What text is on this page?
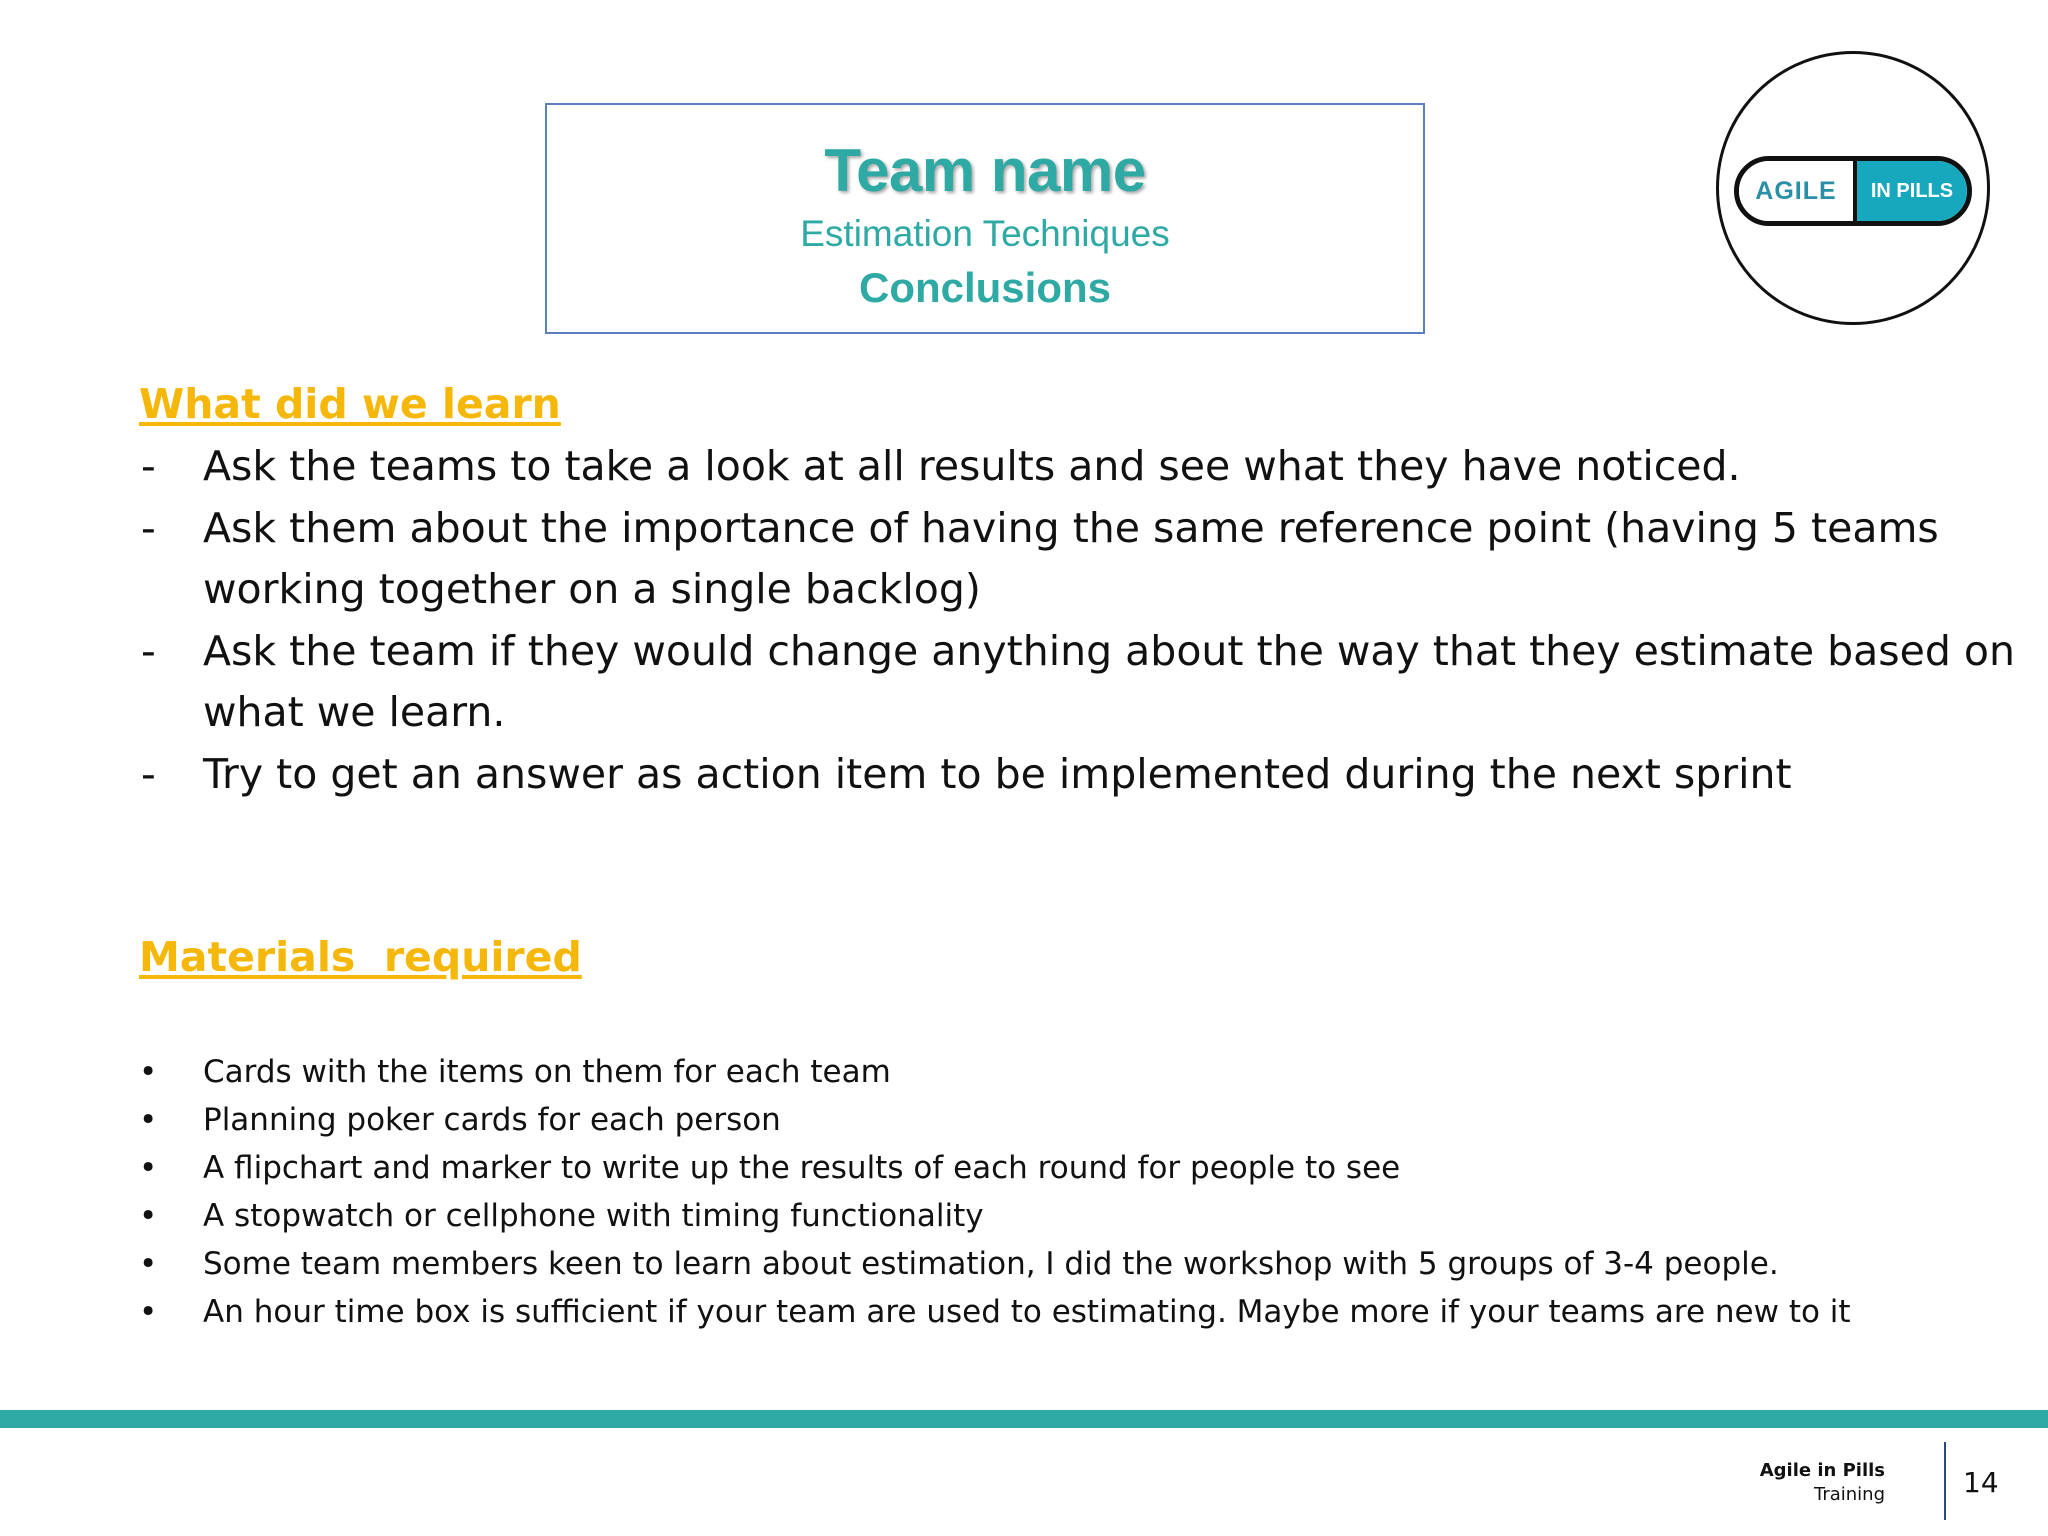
Team name
Estimation Techniques
Conclusions
AGILE	IN PILLS
What did we learn
- Ask the teams to take a look at all results and see what they have noticed.
- Ask them about the importance of having the same reference point (having 5 teams working together on a single backlog)
- Ask the team if they would change anything about the way that they estimate based on what we learn.
- Try to get an answer as action item to be implemented during the next sprint
Materials  required
• Cards with the items on them for each team
• Planning poker cards for each person
• A flipchart and marker to write up the results of each round for people to see
• A stopwatch or cellphone with timing functionality
• Some team members keen to learn about estimation, I did the workshop with 5 groups of 3-4 people.
• An hour time box is sufficient if your team are used to estimating. Maybe more if your teams are new to it
Agile in Pills
Training	14
